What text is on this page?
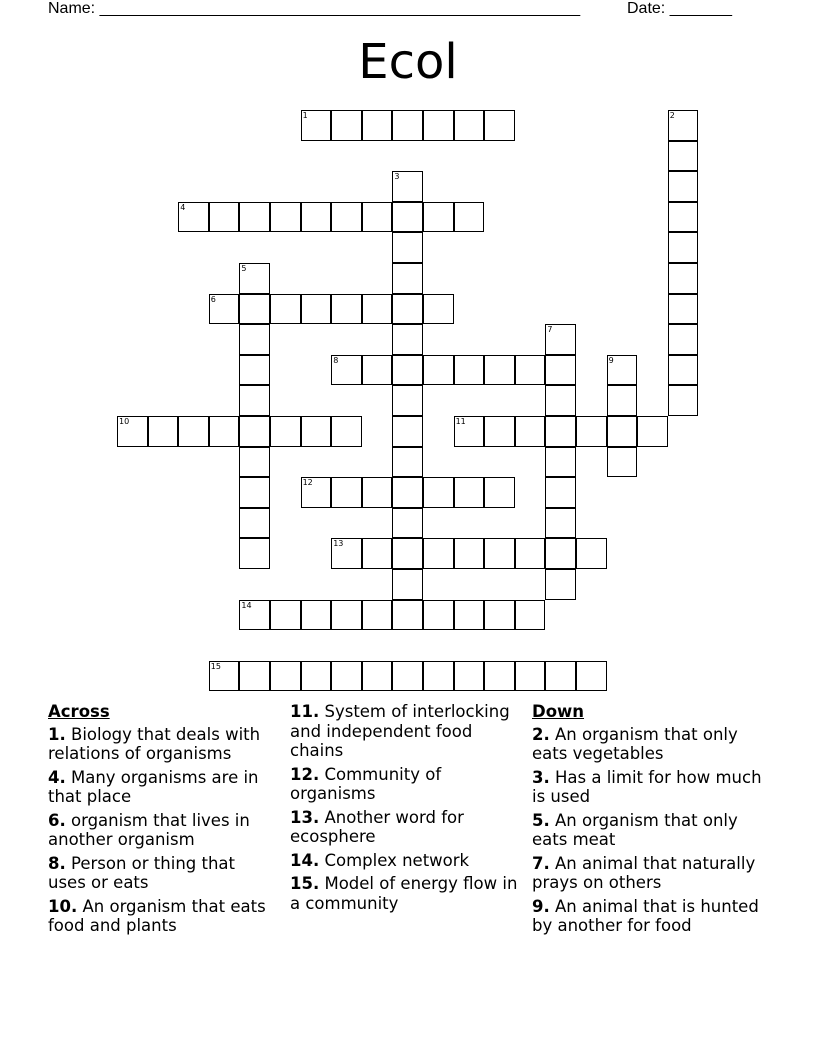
Name: ______________________________________________________	Date: _______
Ecol
1	2
3
4
5
6
7
8	9
10	11
12
13
14
15
Across
1. Biology that deals with relations of organisms
4. Many organisms are in that place
6. organism that lives in another organism
8. Person or thing that uses or eats
10. An organism that eats food and plants
11. System of interlocking and independent food chains
12. Community of organisms
13. Another word for ecosphere
14. Complex network
15. Model of energy flow in a community
Down
2. An organism that only eats vegetables
3. Has a limit for how much is used
5. An organism that only eats meat
7. An animal that naturally prays on others
9. An animal that is hunted by another for food
